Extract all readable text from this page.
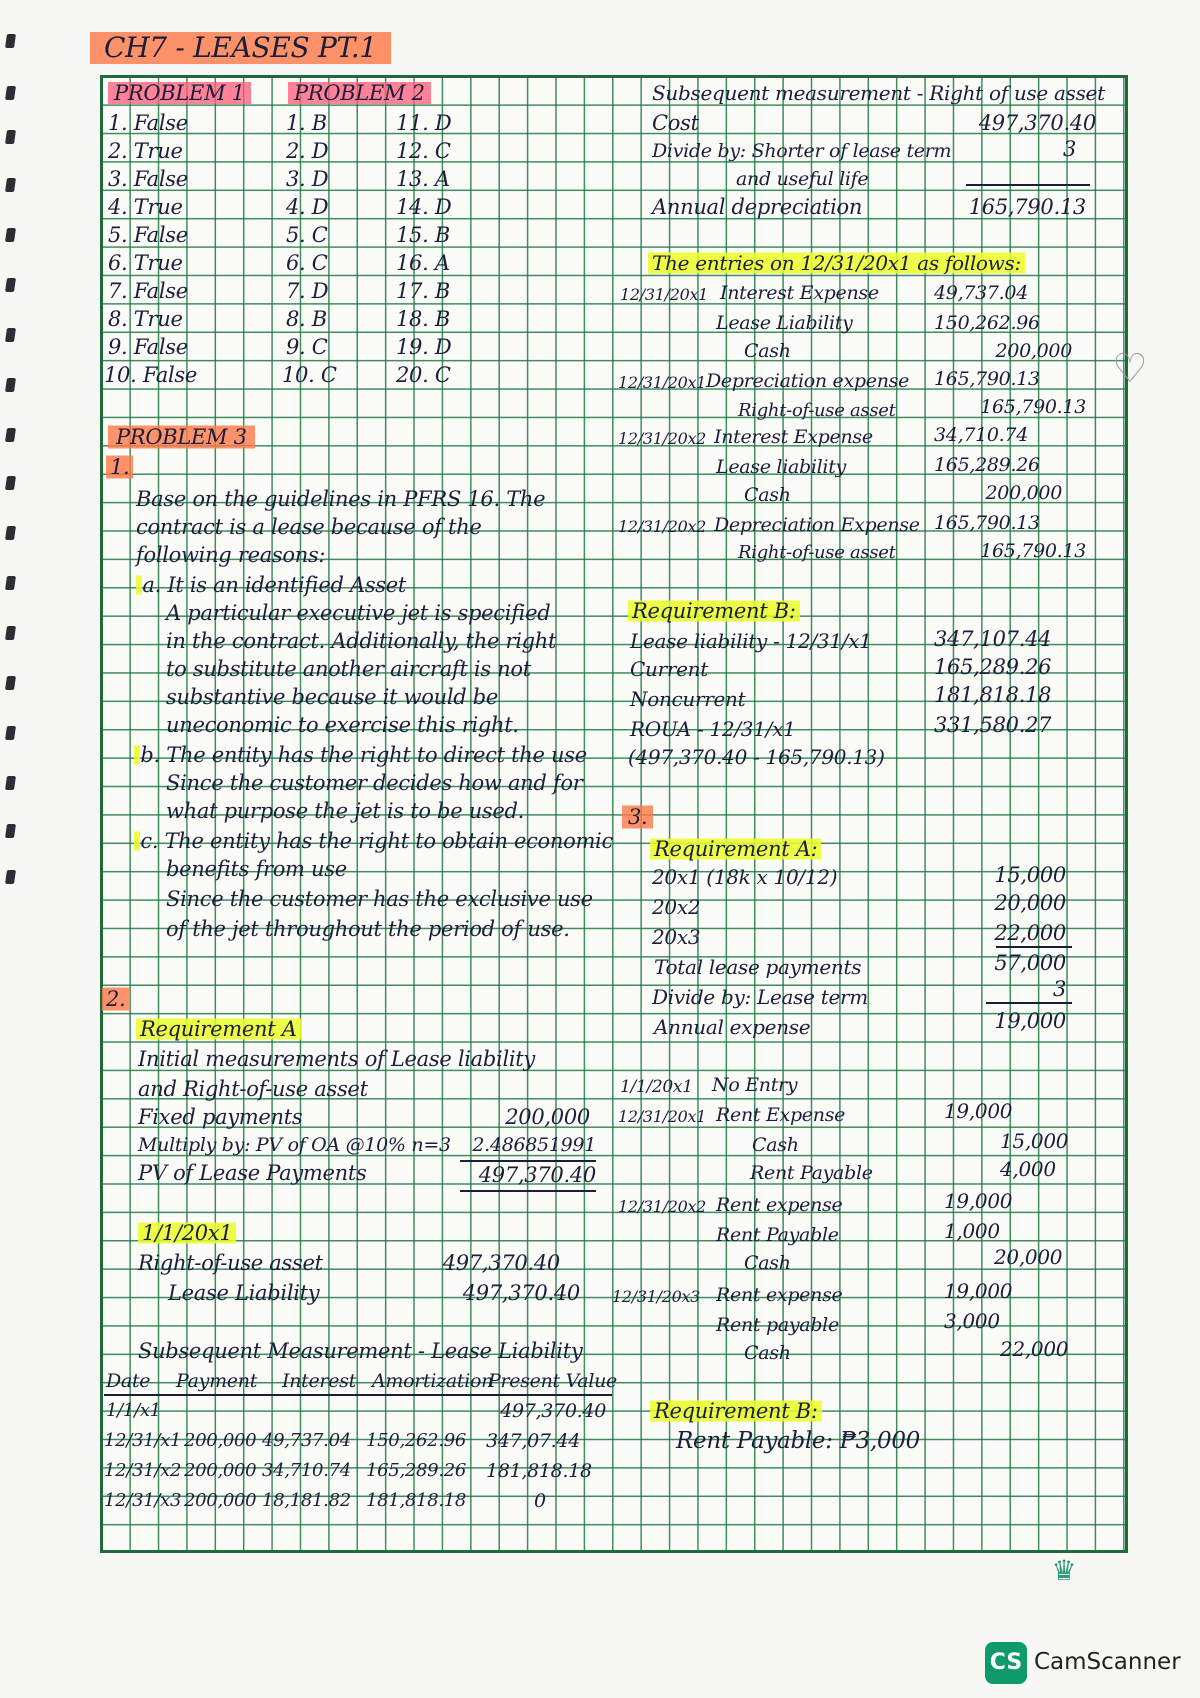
CH7 - LEASES PT.1
PROBLEM 1
1. False
2. True
3. False
4. True
5. False
6. True
7. False
8. True
9. False
10. False
PROBLEM 2
1. B
2. D
3. D
4. D
5. C
6. C
7. D
8. B
9. C
10. C
11. D
12. C
13. A
14. D
15. B
16. A
17. B
18. B
19. D
20. C
PROBLEM 3
1.
Base on the guidelines in PFRS 16. The
contract is a lease because of the
following reasons:
a. It is an identified Asset
A particular executive jet is specified
in the contract. Additionally, the right
to substitute another aircraft is not
substantive because it would be
uneconomic to exercise this right.
b. The entity has the right to direct the use
Since the customer decides how and for
what purpose the jet is to be used.
c. The entity has the right to obtain economic
benefits from use
Since the customer has the exclusive use
of the jet throughout the period of use.
2.
Requirement A
Initial measurements of Lease liability
and Right-of-use asset
Fixed payments	200,000
Multiply by: PV of OA @10% n=3	2.486851991
PV of Lease Payments	497,370.40
1/1/20x1
Right-of-use asset	497,370.40
Lease Liability	497,370.40
Subsequent Measurement - Lease Liability
Date Payment Interest Amortization
Present Value
1/1/x1	497,370.40
12/31/x1 200,000 49,737.04 150,262.96 347,07.44
12/31/x2 200,000 34,710.74 165,289.26 181,818.18
12/31/x3 200,000 18,181.82 181,818.18	0
Subsequent measurement - Right of use asset
Cost	497,370.40
Divide by: Shorter of lease term	3
and useful life
Annual depreciation	165,790.13
The entries on 12/31/20x1 as follows:
12/31/20x1 Interest Expense	49,737.04
Lease Liability	150,262.96
Cash	200,000
12/31/20x1 Depreciation expense 165,790.13
Right-of-use asset	165,790.13
12/31/20x2 Interest Expense	34,710.74
Lease liability	165,289.26
Cash	200,000
12/31/20x2 Depreciation Expense 165,790.13
Right-of-use asset	165,790.13
Requirement B:
Lease liability - 12/31/x1	347,107.44
Current	165,289.26
Noncurrent	181,818.18
ROUA - 12/31/x1	331,580.27
(497,370.40 - 165,790.13)
3.
Requirement A:
20x1 (18k x 10/12)	15,000
20x2	20,000
20x3	22,000
Total lease payments	57,000
Divide by: Lease term	3
Annual expense	19,000
1/1/20x1 No Entry
12/31/20x1 Rent Expense	19,000
Cash	15,000
Rent Payable	4,000
12/31/20x2 Rent expense	19,000
Rent Payable	1,000
Cash	20,000
12/31/20x3 Rent expense	19,000
Rent payable	3,000
Cash	22,000
Requirement B:
Rent Payable: ₱3,000
♛
♡
CS CamScanner
